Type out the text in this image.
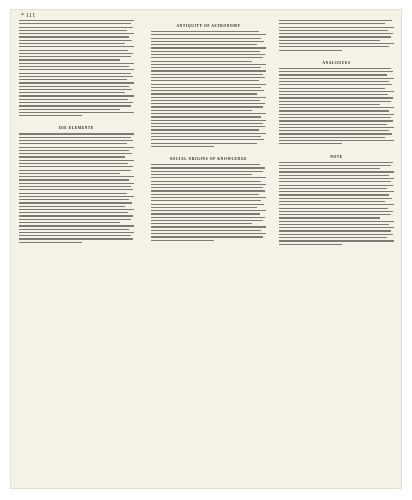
* 111
DIE ELEMENTE
ANTIQUITY OF ASTRONOMY
SOCIAL ORIGINS OF KNOWLEDGE
ANALOGUES
NOTE
